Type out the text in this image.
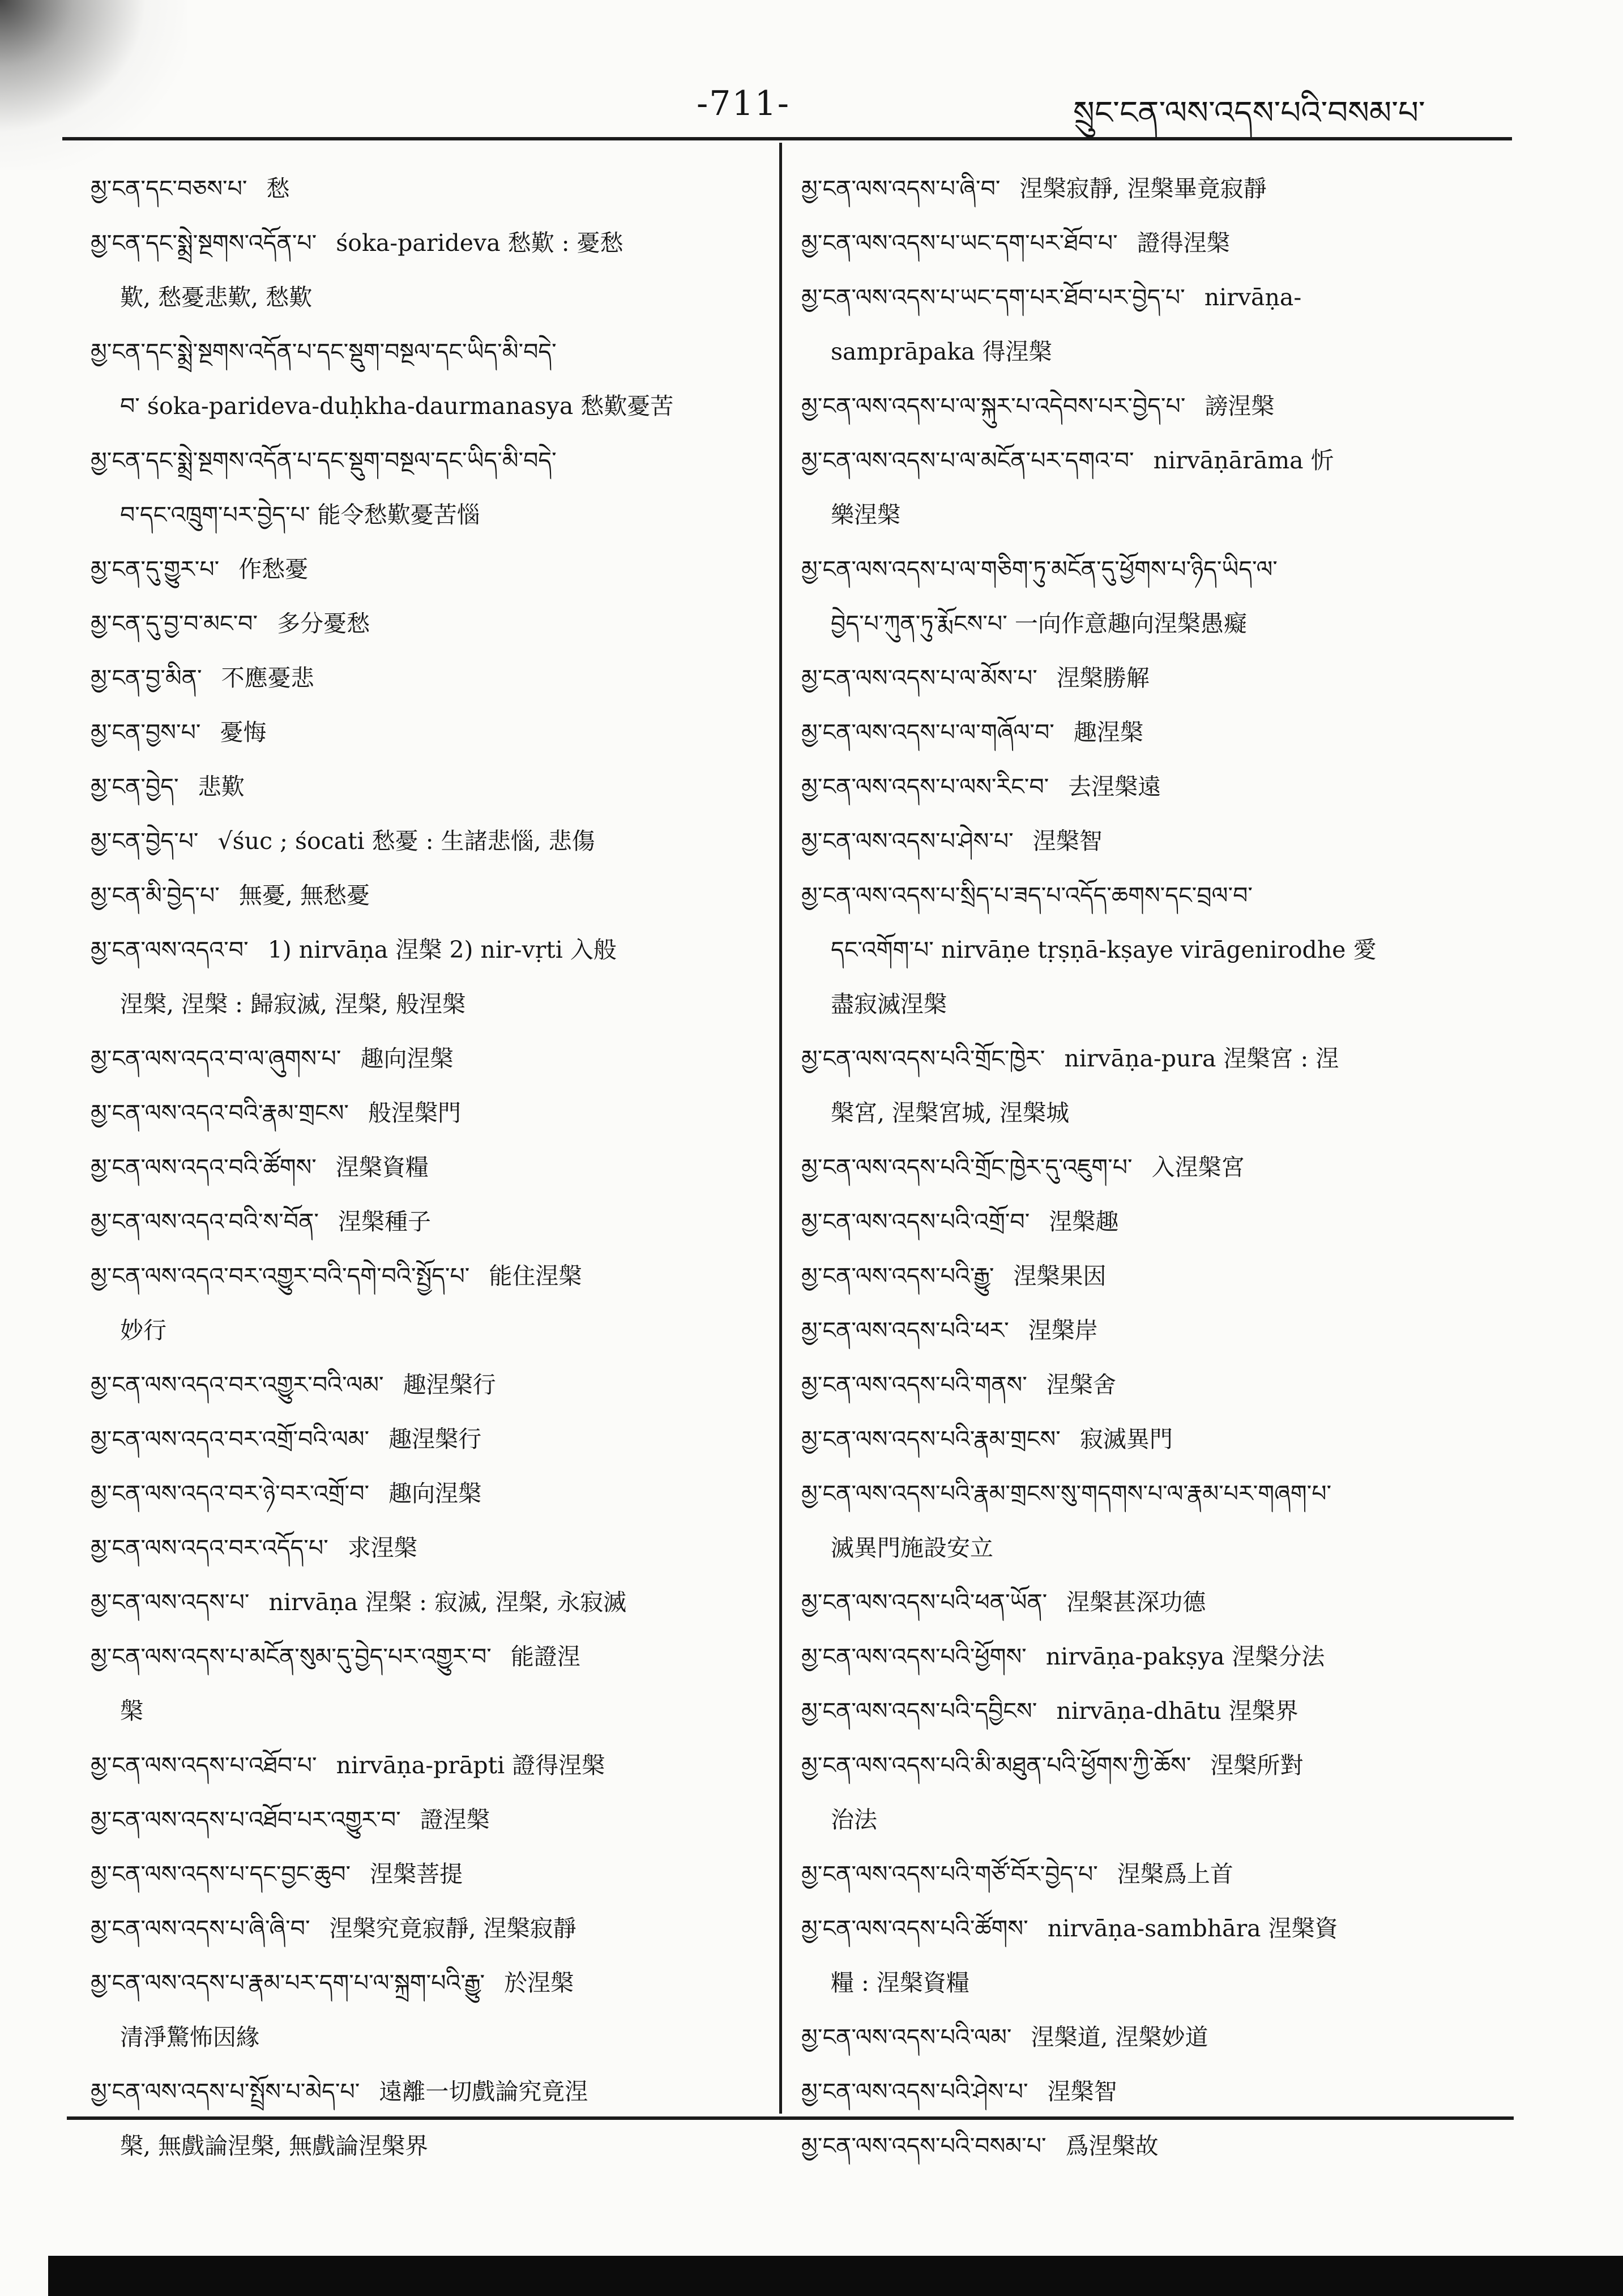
-711-	སྲུང་ངན་ལས་འདས་པའི་བསམ་པ་

མྱ་ངན་དང་བཅས་པ་ 愁

མྱ་ངན་དང་སྨྲེ་སྔགས་འདོན་པ་ śoka-parideva 愁歎 : 憂愁
歎, 愁憂悲歎, 愁歎

མྱ་ངན་དང་སྨྲེ་སྔགས་འདོན་པ་དང་སྡུག་བསྔལ་དང་ཡིད་མི་བདེ་
བ་ śoka-parideva-duḥkha-daurmanasya 愁歎憂苦

མྱ་ངན་དང་སྨྲེ་སྔགས་འདོན་པ་དང་སྡུག་བསྔལ་དང་ཡིད་མི་བདེ་
བ་དང་འཁྲུག་པར་བྱེད་པ་ 能令愁歎憂苦惱

མྱ་ངན་དུ་གྱུར་པ་ 作愁憂

མྱ་ངན་དུ་བྱ་བ་མང་བ་ 多分憂愁

མྱ་ངན་བྱ་མིན་ 不應憂悲

མྱ་ངན་བྱས་པ་ 憂悔

མྱ་ངན་བྱེད་ 悲歎

མྱ་ངན་བྱེད་པ་ √śuc ; śocati 愁憂 : 生諸悲惱, 悲傷

མྱ་ངན་མི་བྱེད་པ་ 無憂, 無愁憂

མྱ་ངན་ལས་འདའ་བ་ 1) nirvāṇa 涅槃 2) nir-vṛti 入般
涅槃, 涅槃 : 歸寂滅, 涅槃, 般涅槃

མྱ་ངན་ལས་འདའ་བ་ལ་ཞུགས་པ་ 趣向涅槃

མྱ་ངན་ལས་འདའ་བའི་རྣམ་གྲངས་ 般涅槃門

མྱ་ངན་ལས་འདའ་བའི་ཚོགས་ 涅槃資糧

མྱ་ངན་ལས་འདའ་བའི་ས་བོན་ 涅槃種子

མྱ་ངན་ལས་འདའ་བར་འགྱུར་བའི་དགེ་བའི་སྤྱོད་པ་ 能住涅槃
妙行

མྱ་ངན་ལས་འདའ་བར་འགྱུར་བའི་ལམ་ 趣涅槃行

མྱ་ངན་ལས་འདའ་བར་འགྲོ་བའི་ལམ་ 趣涅槃行

མྱ་ངན་ལས་འདའ་བར་ཉེ་བར་འགྲོ་བ་ 趣向涅槃

མྱ་ངན་ལས་འདའ་བར་འདོད་པ་ 求涅槃

མྱ་ངན་ལས་འདས་པ་ nirvāṇa 涅槃 : 寂滅, 涅槃, 永寂滅

མྱ་ངན་ལས་འདས་པ་མངོན་སུམ་དུ་བྱེད་པར་འགྱུར་བ་ 能證涅
槃

མྱ་ངན་ལས་འདས་པ་འཐོབ་པ་ nirvāṇa-prāpti 證得涅槃

མྱ་ངན་ལས་འདས་པ་འཐོབ་པར་འགྱུར་བ་ 證涅槃

མྱ་ངན་ལས་འདས་པ་དང་བྱང་ཆུབ་ 涅槃菩提

མྱ་ངན་ལས་འདས་པ་ཞི་ཞི་བ་ 涅槃究竟寂靜, 涅槃寂靜

མྱ་ངན་ལས་འདས་པ་རྣམ་པར་དག་པ་ལ་སྐྲག་པའི་རྒྱུ་ 於涅槃
清淨驚怖因緣

མྱ་ངན་ལས་འདས་པ་སྤྲོས་པ་མེད་པ་ 遠離一切戲論究竟涅
槃, 無戲論涅槃, 無戲論涅槃界

མྱ་ངན་ལས་འདས་པ་ཞི་བ་ 涅槃寂靜, 涅槃畢竟寂靜

མྱ་ངན་ལས་འདས་པ་ཡང་དག་པར་ཐོབ་པ་ 證得涅槃

མྱ་ངན་ལས་འདས་པ་ཡང་དག་པར་ཐོབ་པར་བྱེད་པ་ nirvāṇa-
samprāpaka 得涅槃

མྱ་ངན་ལས་འདས་པ་ལ་སྐུར་པ་འདེབས་པར་བྱེད་པ་ 謗涅槃

མྱ་ངན་ལས་འདས་པ་ལ་མངོན་པར་དགའ་བ་ nirvāṇārāma 忻
樂涅槃

མྱ་ངན་ལས་འདས་པ་ལ་གཅིག་ཏུ་མངོན་དུ་ཕྱོགས་པ་ཉིད་ཡིད་ལ་
བྱེད་པ་ཀུན་ཏུ་རྨོངས་པ་ 一向作意趣向涅槃愚癡

མྱ་ངན་ལས་འདས་པ་ལ་མོས་པ་ 涅槃勝解

མྱ་ངན་ལས་འདས་པ་ལ་གཞོལ་བ་ 趣涅槃

མྱ་ངན་ལས་འདས་པ་ལས་རིང་བ་ 去涅槃遠

མྱ་ངན་ལས་འདས་པ་ཤེས་པ་ 涅槃智

མྱ་ངན་ལས་འདས་པ་སྲིད་པ་ཟད་པ་འདོད་ཆགས་དང་བྲལ་བ་
དང་འགོག་པ་ nirvāṇe tṛṣṇā-kṣaye virāgenirodhe 愛

盡寂滅涅槃

མྱ་ངན་ལས་འདས་པའི་གྲོང་ཁྱེར་ nirvāṇa-pura 涅槃宮 : 涅
槃宮, 涅槃宮城, 涅槃城

མྱ་ངན་ལས་འདས་པའི་གྲོང་ཁྱེར་དུ་འཇུག་པ་ 入涅槃宮

མྱ་ངན་ལས་འདས་པའི་འགྲོ་བ་ 涅槃趣

མྱ་ངན་ལས་འདས་པའི་རྒྱུ་ 涅槃果因

མྱ་ངན་ལས་འདས་པའི་ཕར་ 涅槃岸

མྱ་ངན་ལས་འདས་པའི་གནས་ 涅槃舍

མྱ་ངན་ལས་འདས་པའི་རྣམ་གྲངས་ 寂滅異門

མྱ་ངན་ལས་འདས་པའི་རྣམ་གྲངས་སུ་གདགས་པ་ལ་རྣམ་པར་གཞག་པ་
滅異門施設安立

མྱ་ངན་ལས་འདས་པའི་ཕན་ཡོན་ 涅槃甚深功德

མྱ་ངན་ལས་འདས་པའི་ཕྱོགས་ nirvāṇa-pakṣya 涅槃分法

མྱ་ངན་ལས་འདས་པའི་དབྱིངས་ nirvāṇa-dhātu 涅槃界

མྱ་ངན་ལས་འདས་པའི་མི་མཐུན་པའི་ཕྱོགས་ཀྱི་ཆོས་ 涅槃所對
治法

མྱ་ངན་ལས་འདས་པའི་གཙོ་བོར་བྱེད་པ་ 涅槃爲上首

མྱ་ངན་ལས་འདས་པའི་ཚོགས་ nirvāṇa-sambhāra 涅槃資
糧 : 涅槃資糧

མྱ་ངན་ལས་འདས་པའི་ལམ་ 涅槃道, 涅槃妙道

མྱ་ངན་ལས་འདས་པའི་ཤེས་པ་ 涅槃智

མྱ་ངན་ལས་འདས་པའི་བསམ་པ་ 爲涅槃故
